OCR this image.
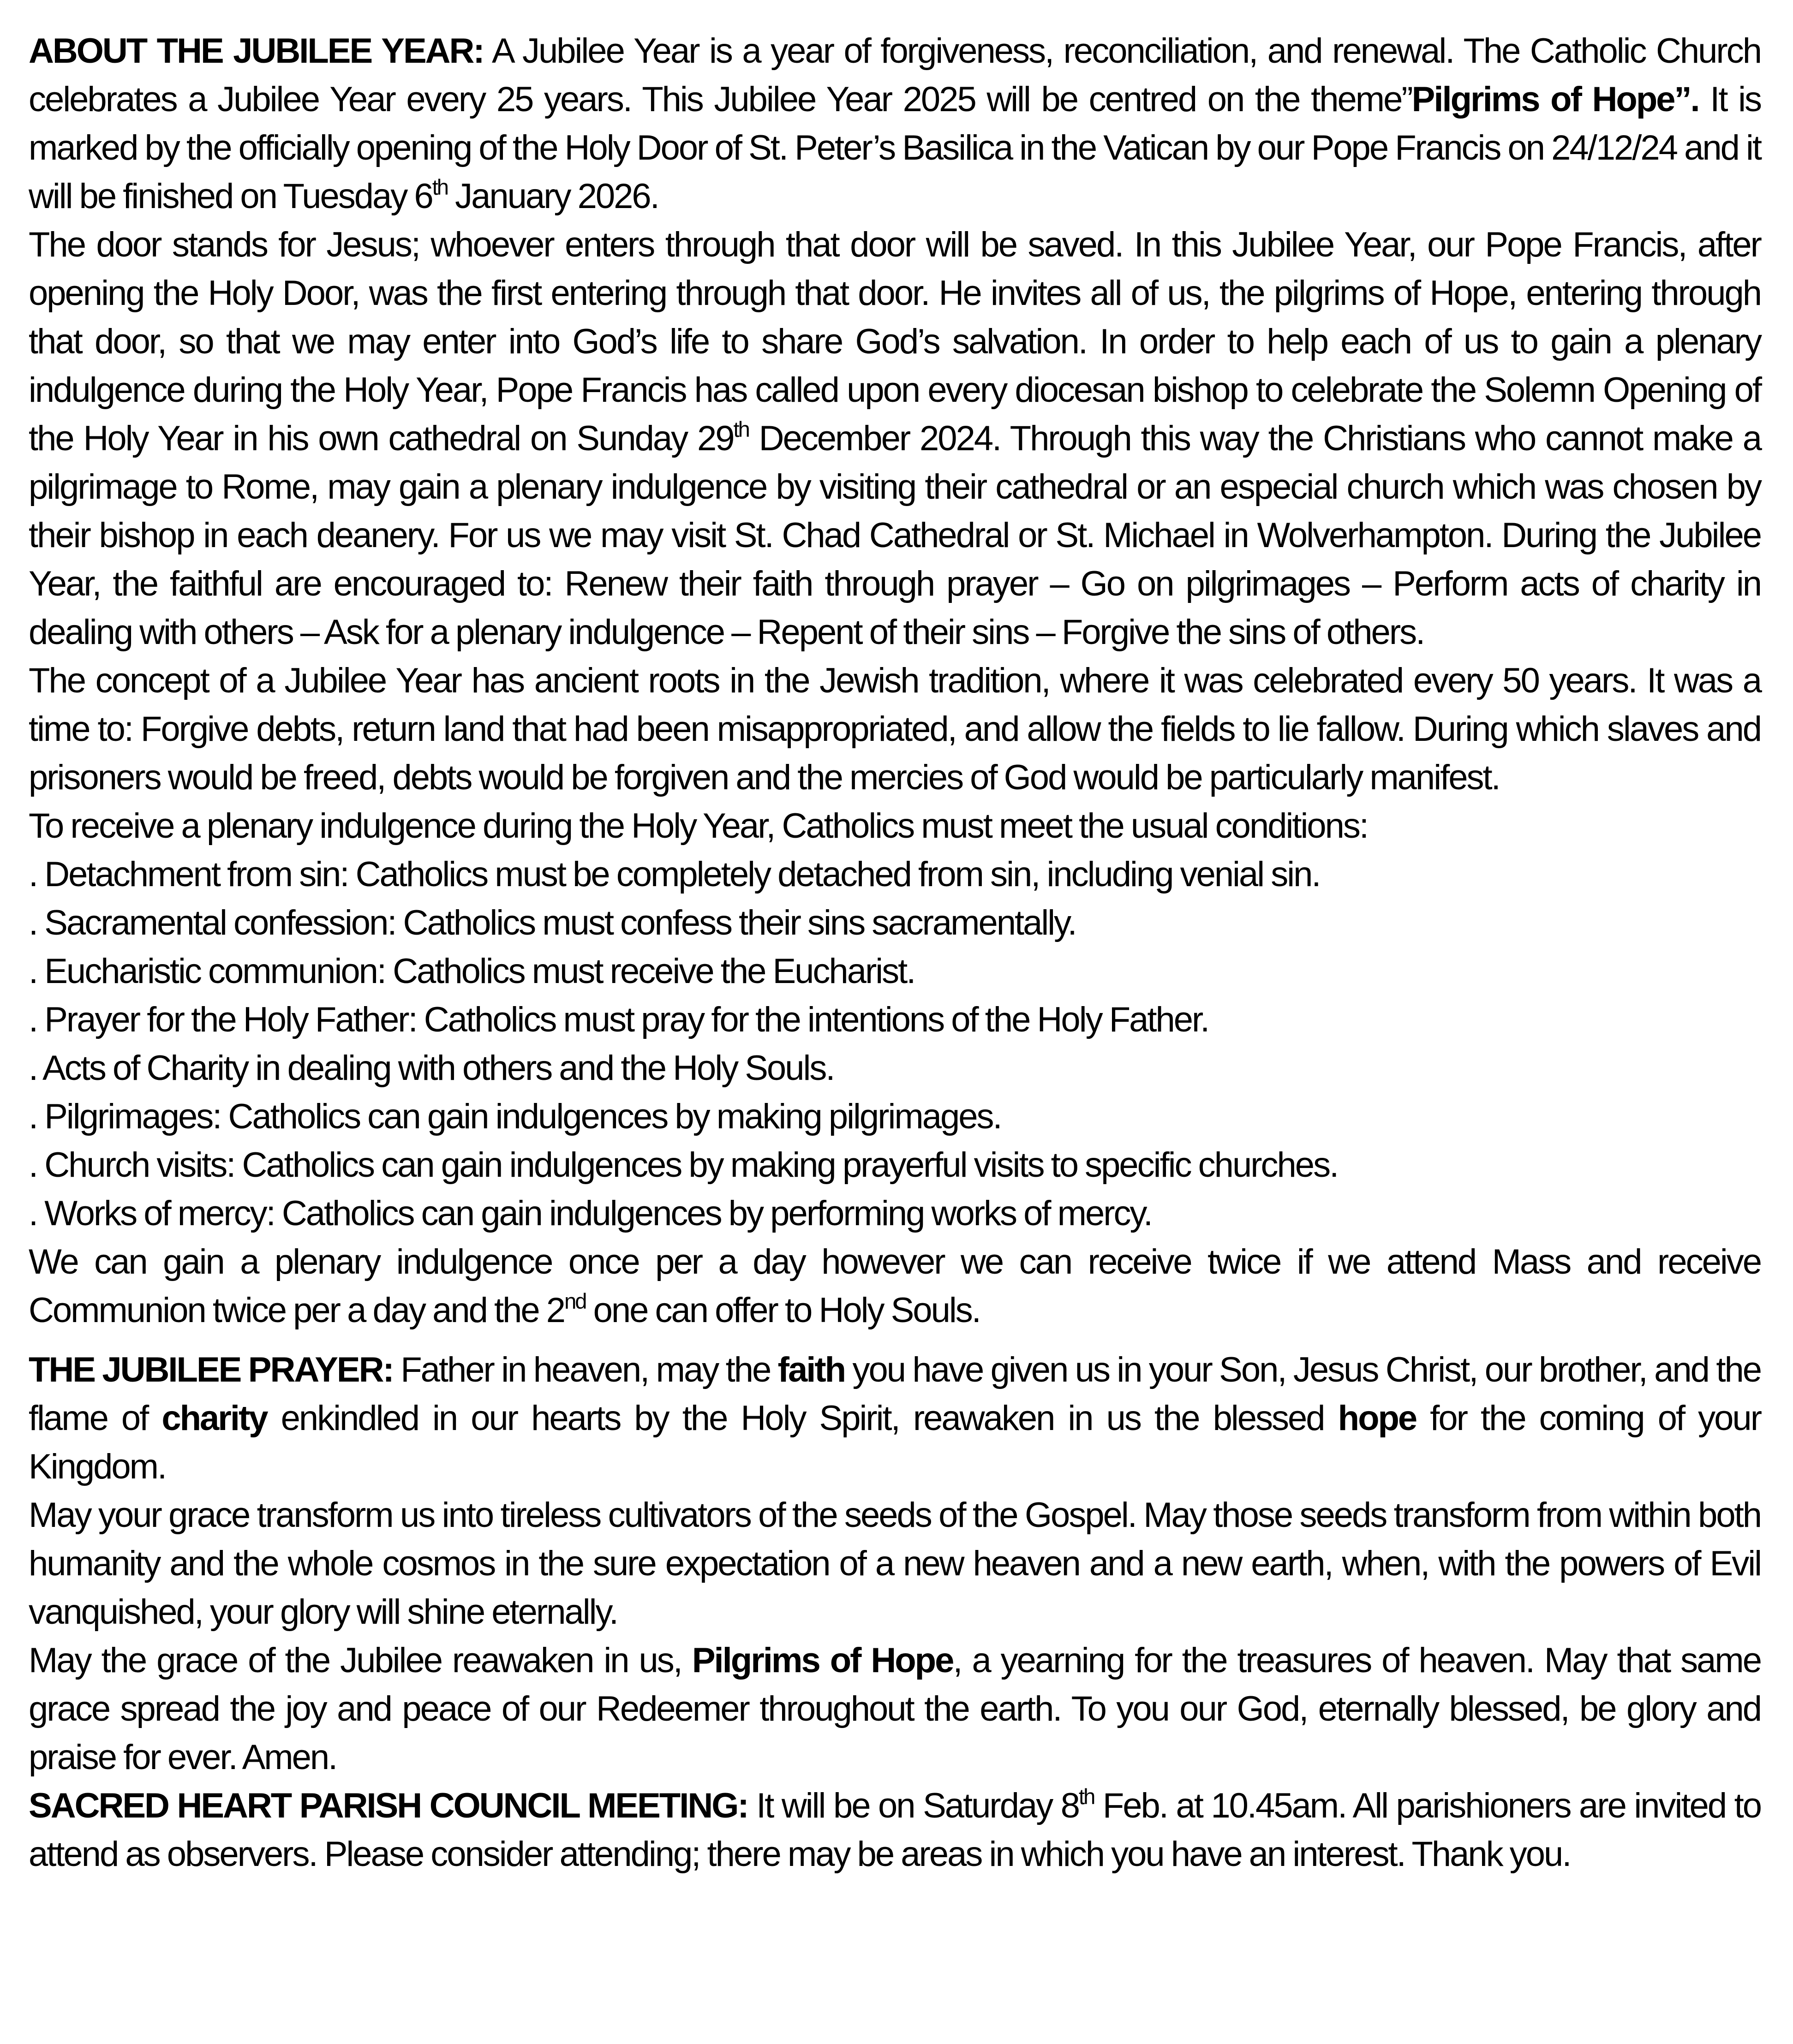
ABOUT THE JUBILEE YEAR: A Jubilee Year is a year of forgiveness, reconciliation, and renewal. The Catholic Church celebrates a Jubilee Year every 25 years. This Jubilee Year 2025 will be centred on the theme”Pilgrims of Hope”. It is marked by the officially opening of the Holy Door of St. Peter’s Basilica in the Vatican by our Pope Francis on 24/12/24 and it will be finished on Tuesday 6th January 2026.

The door stands for Jesus; whoever enters through that door will be saved. In this Jubilee Year, our Pope Francis, after opening the Holy Door, was the first entering through that door. He invites all of us, the pilgrims of Hope, entering through that door, so that we may enter into God’s life to share God’s salvation. In order to help each of us to gain a plenary indulgence during the Holy Year, Pope Francis has called upon every diocesan bishop to celebrate the Solemn Opening of the Holy Year in his own cathedral on Sunday 29th December 2024. Through this way the Christians who cannot make a pilgrimage to Rome, may gain a plenary indulgence by visiting their cathedral or an especial church which was chosen by their bishop in each deanery. For us we may visit St. Chad Cathedral or St. Michael in Wolverhampton. During the Jubilee Year, the faithful are encouraged to: Renew their faith through prayer – Go on pilgrimages – Perform acts of charity in dealing with others – Ask for a plenary indulgence – Repent of their sins – Forgive the sins of others.

The concept of a Jubilee Year has ancient roots in the Jewish tradition, where it was celebrated every 50 years. It was a time to: Forgive debts, return land that had been misappropriated, and allow the fields to lie fallow. During which slaves and prisoners would be freed, debts would be forgiven and the mercies of God would be particularly manifest.

To receive a plenary indulgence during the Holy Year, Catholics must meet the usual conditions:

. Detachment from sin: Catholics must be completely detached from sin, including venial sin.

. Sacramental confession: Catholics must confess their sins sacramentally.

. Eucharistic communion: Catholics must receive the Eucharist.

. Prayer for the Holy Father: Catholics must pray for the intentions of the Holy Father.

. Acts of Charity in dealing with others and the Holy Souls.

. Pilgrimages: Catholics can gain indulgences by making pilgrimages.

. Church visits: Catholics can gain indulgences by making prayerful visits to specific churches.

. Works of mercy: Catholics can gain indulgences by performing works of mercy.

We can gain a plenary indulgence once per a day however we can receive twice if we attend Mass and receive Communion twice per a day and the 2nd one can offer to Holy Souls.

THE JUBILEE PRAYER: Father in heaven, may the faith you have given us in your Son, Jesus Christ, our brother, and the flame of charity enkindled in our hearts by the Holy Spirit, reawaken in us the blessed hope for the coming of your Kingdom.

May your grace transform us into tireless cultivators of the seeds of the Gospel. May those seeds transform from within both humanity and the whole cosmos in the sure expectation of a new heaven and a new earth, when, with the powers of Evil vanquished, your glory will shine eternally.

May the grace of the Jubilee reawaken in us, Pilgrims of Hope, a yearning for the treasures of heaven. May that same grace spread the joy and peace of our Redeemer throughout the earth. To you our God, eternally blessed, be glory and praise for ever. Amen.

SACRED HEART PARISH COUNCIL MEETING: It will be on Saturday 8th Feb. at 10.45am. All parishioners are invited to attend as observers. Please consider attending; there may be areas in which you have an interest. Thank you.
